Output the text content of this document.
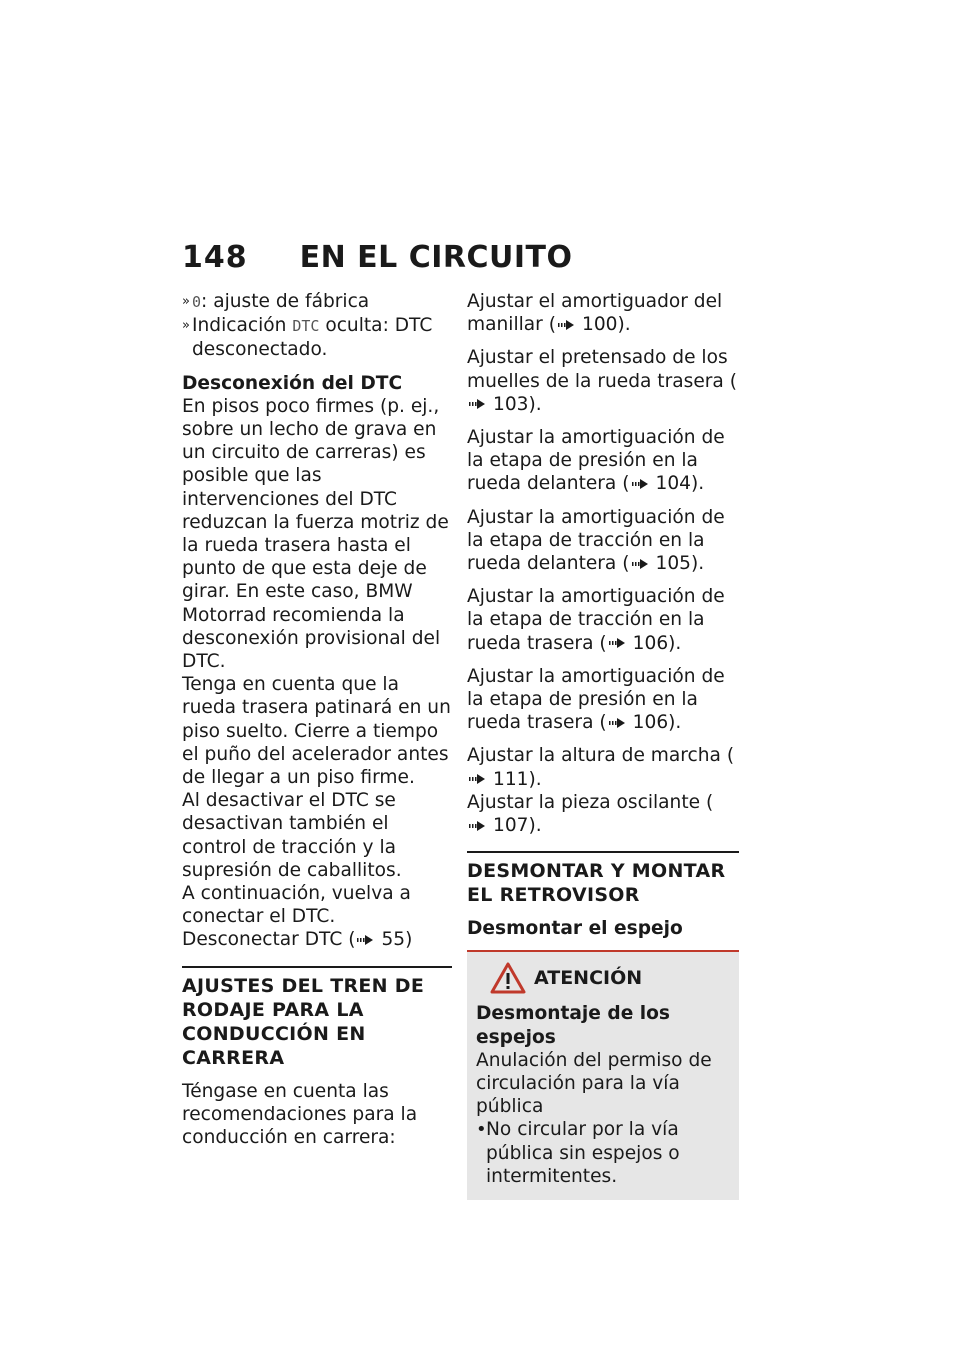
148 EN EL CIRCUITO

» 0: ajuste de fábrica

» Indicación DTC oculta: DTC desconectado.

Desconexión del DTC

En pisos poco firmes (p. ej., sobre un lecho de grava en un circuito de carreras) es posible que las intervenciones del DTC reduzcan la fuerza motriz de la rueda trasera hasta el punto de que esta deje de girar. En este caso, BMW Motorrad recomienda la desconexión provisional del DTC.

Tenga en cuenta que la rueda trasera patinará en un piso suelto. Cierre a tiempo el puño del acelerador antes de llegar a un piso firme.

Al desactivar el DTC se desactivan también el control de tracción y la supresión de caballitos.

A continuación, vuelva a conectar el DTC.

Desconectar DTC ( 55)

AJUSTES DEL TREN DE RODAJE PARA LA CONDUCCIÓN EN CARRERA

Téngase en cuenta las recomendaciones para la conducción en carrera:

Ajustar el amortiguador del manillar ( 100).

Ajustar el pretensado de los muelles de la rueda trasera (103).

Ajustar la amortiguación de la etapa de presión en la rueda delantera ( 104).

Ajustar la amortiguación de la etapa de tracción en la rueda delantera ( 105).

Ajustar la amortiguación de la etapa de tracción en la rueda trasera ( 106).

Ajustar la amortiguación de la etapa de presión en la rueda trasera ( 106).

Ajustar la altura de marcha (111).

Ajustar la pieza oscilante (107).

DESMONTAR Y MONTAR EL RETROVISOR

Desmontar el espejo

ATENCIÓN

Desmontaje de los espejos

Anulación del permiso de circulación para la vía pública

• No circular por la vía pública sin espejos o intermitentes.
